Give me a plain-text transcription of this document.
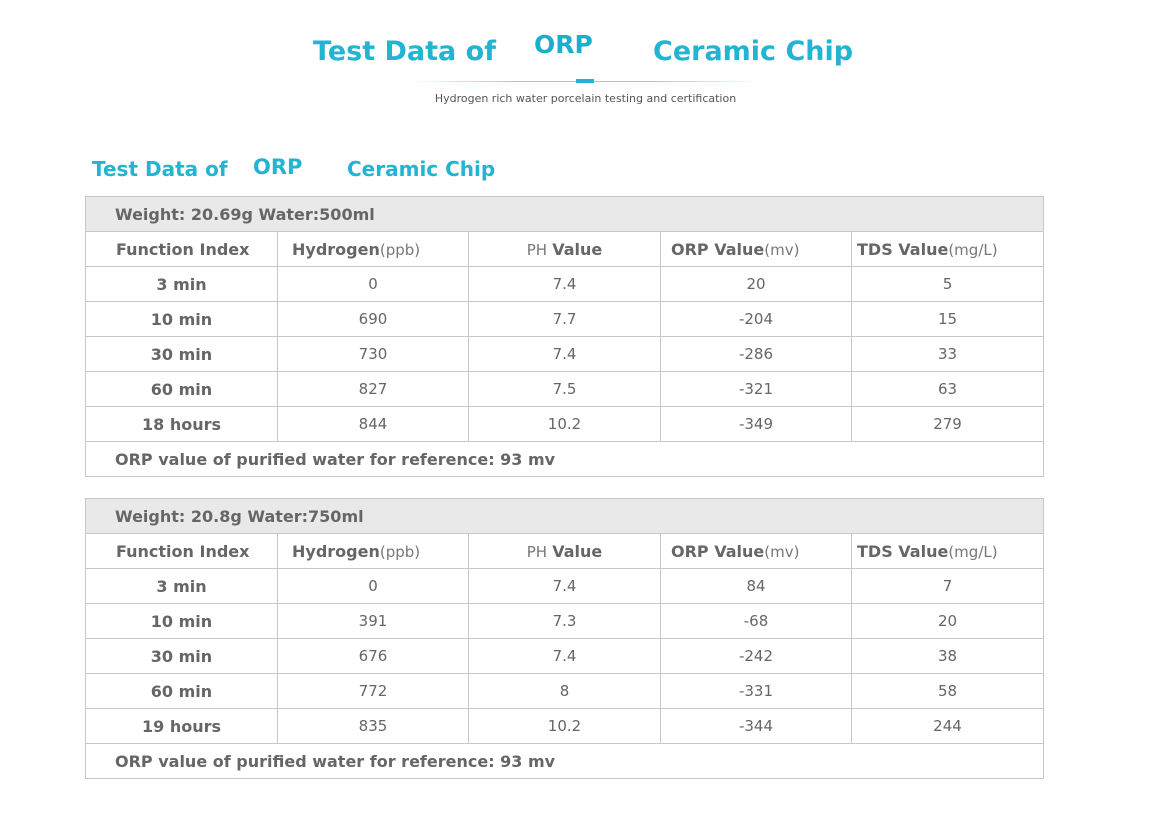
Test Data of ORP Ceramic Chip
Hydrogen rich water porcelain testing and certification
Test Data of ORP Ceramic Chip
Weight: 20.69g Water:500ml				
Function Index	Hydrogen(ppb)	PH Value	ORP Value(mv)	TDS Value(mg/L)
3 min	0	7.4	20	5
10 min	690	7.7	-204	15
30 min	730	7.4	-286	33
60 min	827	7.5	-321	63
18 hours	844	10.2	-349	279
ORP value of purified water for reference: 93 mv				
Weight: 20.8g Water:750ml				
Function Index	Hydrogen(ppb)	PH Value	ORP Value(mv)	TDS Value(mg/L)
3 min	0	7.4	84	7
10 min	391	7.3	-68	20
30 min	676	7.4	-242	38
60 min	772	8	-331	58
19 hours	835	10.2	-344	244
ORP value of purified water for reference: 93 mv				
